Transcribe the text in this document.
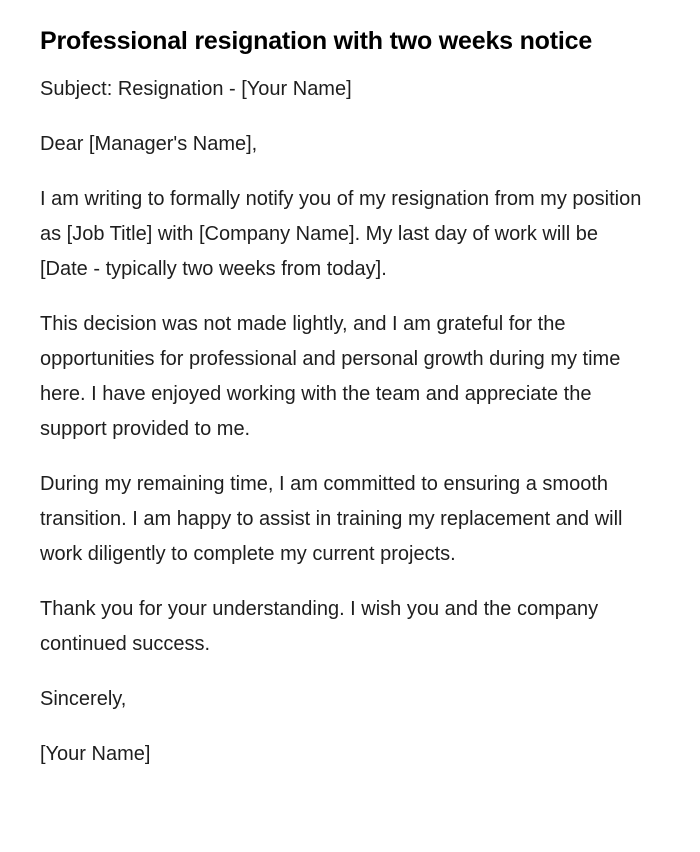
Professional resignation with two weeks notice

Subject: Resignation - [Your Name]

Dear [Manager's Name],

I am writing to formally notify you of my resignation from my position as [Job Title] with [Company Name]. My last day of work will be [Date - typically two weeks from today].

This decision was not made lightly, and I am grateful for the opportunities for professional and personal growth during my time here. I have enjoyed working with the team and appreciate the support provided to me.

During my remaining time, I am committed to ensuring a smooth transition. I am happy to assist in training my replacement and will work diligently to complete my current projects.

Thank you for your understanding. I wish you and the company continued success.

Sincerely,

[Your Name]
